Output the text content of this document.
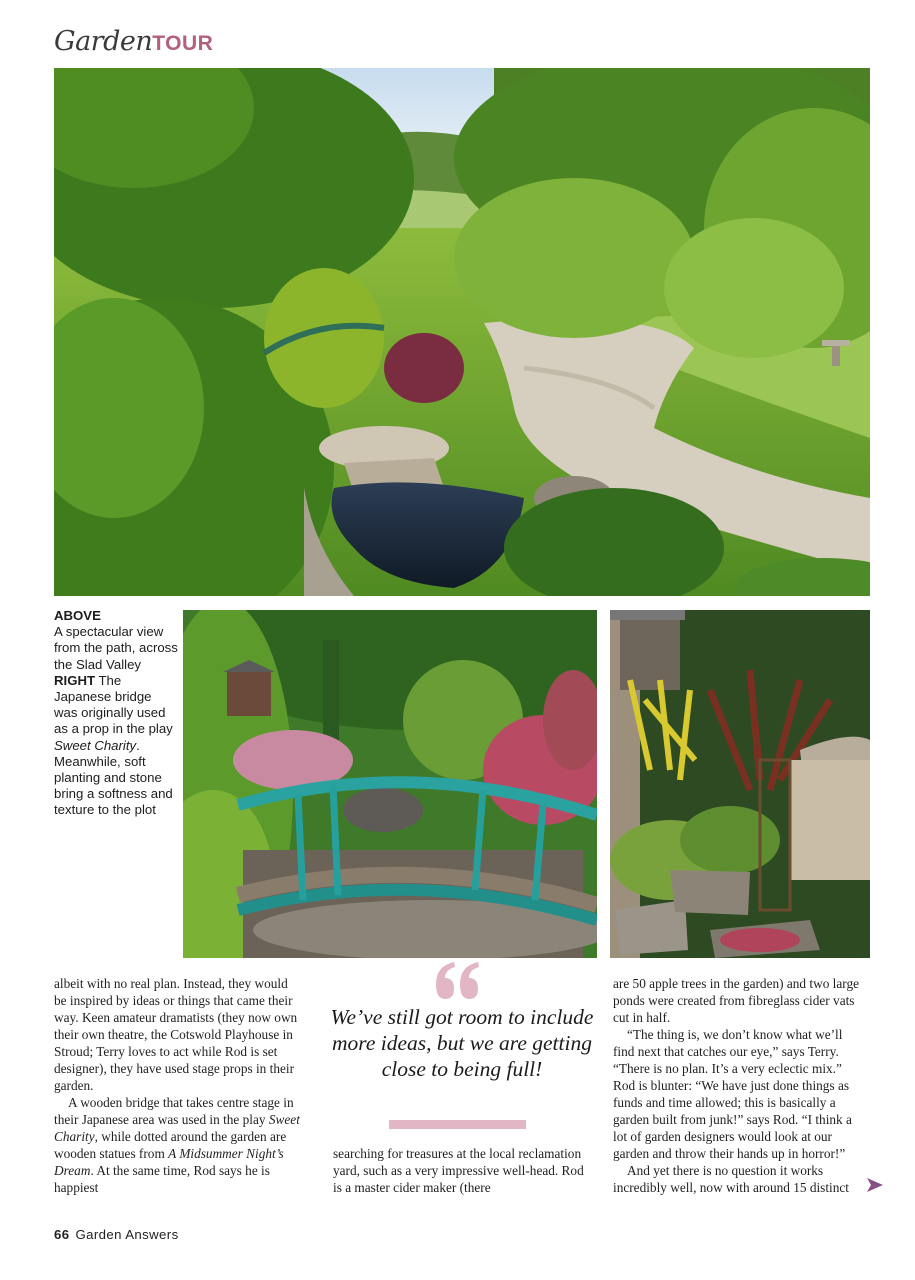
Garden TOUR
ABOVE
A spectacular view from the path, across the Slad Valley
RIGHT The Japanese bridge was originally used as a prop in the play Sweet Charity. Meanwhile, soft planting and stone bring a softness and texture to the plot

albeit with no real plan. Instead, they would be inspired by ideas or things that came their way. Keen amateur dramatists (they now own their own theatre, the Cotswold Playhouse in Stroud; Terry loves to act while Rod is set designer), they have used stage props in their garden.

A wooden bridge that takes centre stage in their Japanese area was used in the play Sweet Charity, while dotted around the garden are wooden statues from A Midsummer Night’s Dream. At the same time, Rod says he is happiest

We’ve still got room to include more ideas, but we are getting close to being full!

searching for treasures at the local reclamation yard, such as a very impressive well-head. Rod is a master cider maker (there

are 50 apple trees in the garden) and two large ponds were created from fibreglass cider vats cut in half.

“The thing is, we don’t know what we’ll find next that catches our eye,” says Terry. “There is no plan. It’s a very eclectic mix.” Rod is blunter: “We have just done things as funds and time allowed; this is basically a garden built from junk!” says Rod. “I think a lot of garden designers would look at our garden and throw their hands up in horror!”

And yet there is no question it works incredibly well, now with around 15 distinct

66 Garden Answers
